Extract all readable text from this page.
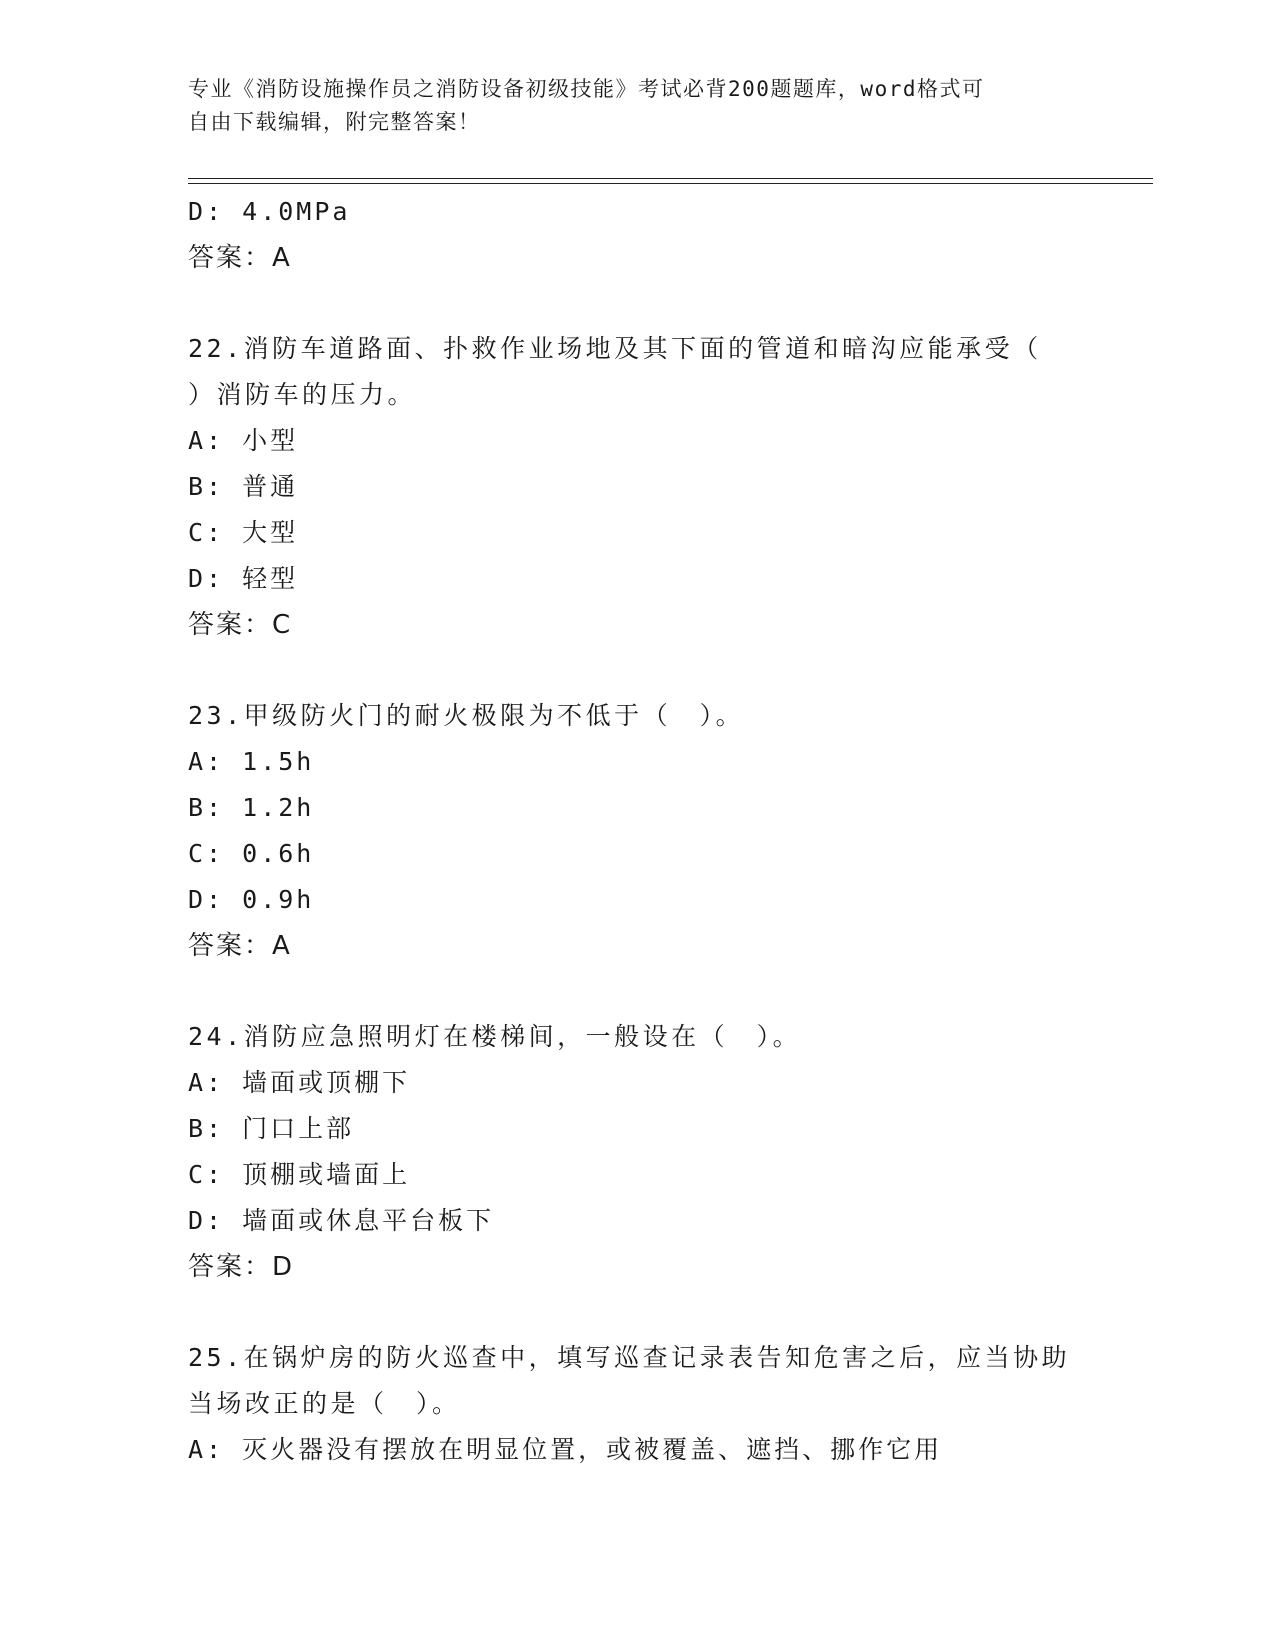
专业《消防设施操作员之消防设备初级技能》考试必背200题题库，word格式可
自由下载编辑，附完整答案！
D: 4.0MPa
答案：A
22.消防车道路面、扑救作业场地及其下面的管道和暗沟应能承受（
）消防车的压力。
A: 小型
B: 普通
C: 大型
D: 轻型
答案：C
23.甲级防火门的耐火极限为不低于（　）。
A: 1.5h
B: 1.2h
C: 0.6h
D: 0.9h
答案：A
24.消防应急照明灯在楼梯间，一般设在（　）。
A: 墙面或顶棚下
B: 门口上部
C: 顶棚或墙面上
D: 墙面或休息平台板下
答案：D
25.在锅炉房的防火巡查中，填写巡查记录表告知危害之后，应当协助
当场改正的是（　）。
A: 灭火器没有摆放在明显位置，或被覆盖、遮挡、挪作它用
